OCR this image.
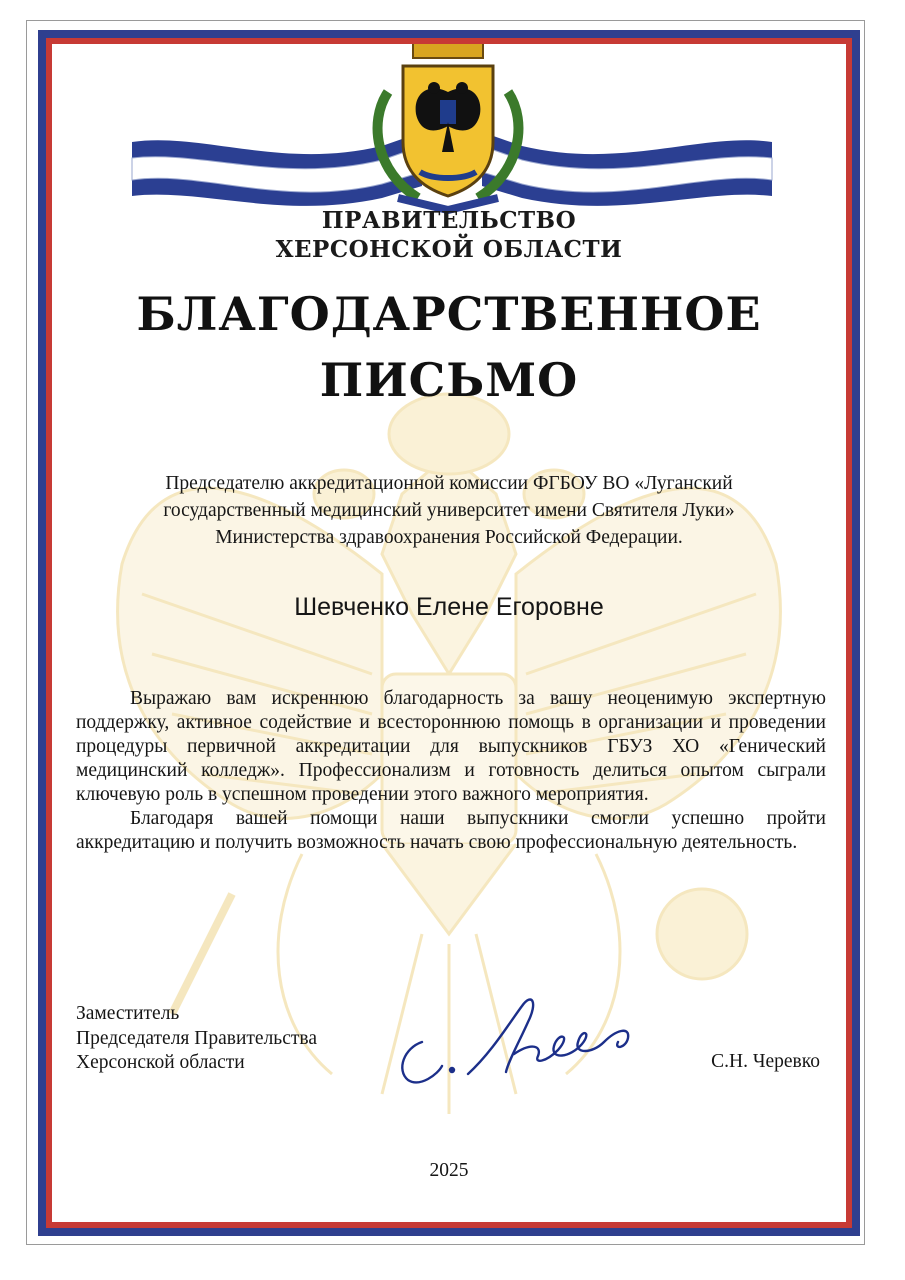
ПРАВИТЕЛЬСТВО
ХЕРСОНСКОЙ ОБЛАСТИ
БЛАГОДАРСТВЕННОЕ
ПИСЬМО
Председателю аккредитационной комиссии ФГБОУ ВО «Луганский
государственный медицинский университет имени Святителя Луки»
Министерства здравоохранения Российской Федерации.
Шевченко Елене Егоровне

Выражаю вам искреннюю благодарность за вашу неоценимую экспертную поддержку, активное содействие и всестороннюю помощь в организации и проведении процедуры первичной аккредитации для выпускников ГБУЗ ХО «Генический медицинский колледж». Профессионализм и готовность делиться опытом сыграли ключевую роль в успешном проведении этого важного мероприятия.

Благодаря вашей помощи наши выпускники смогли успешно пройти аккредитацию и получить возможность начать свою профессиональную деятельность.

Заместитель
Председателя Правительства
Херсонской области	С.Н. Черевко
2025
